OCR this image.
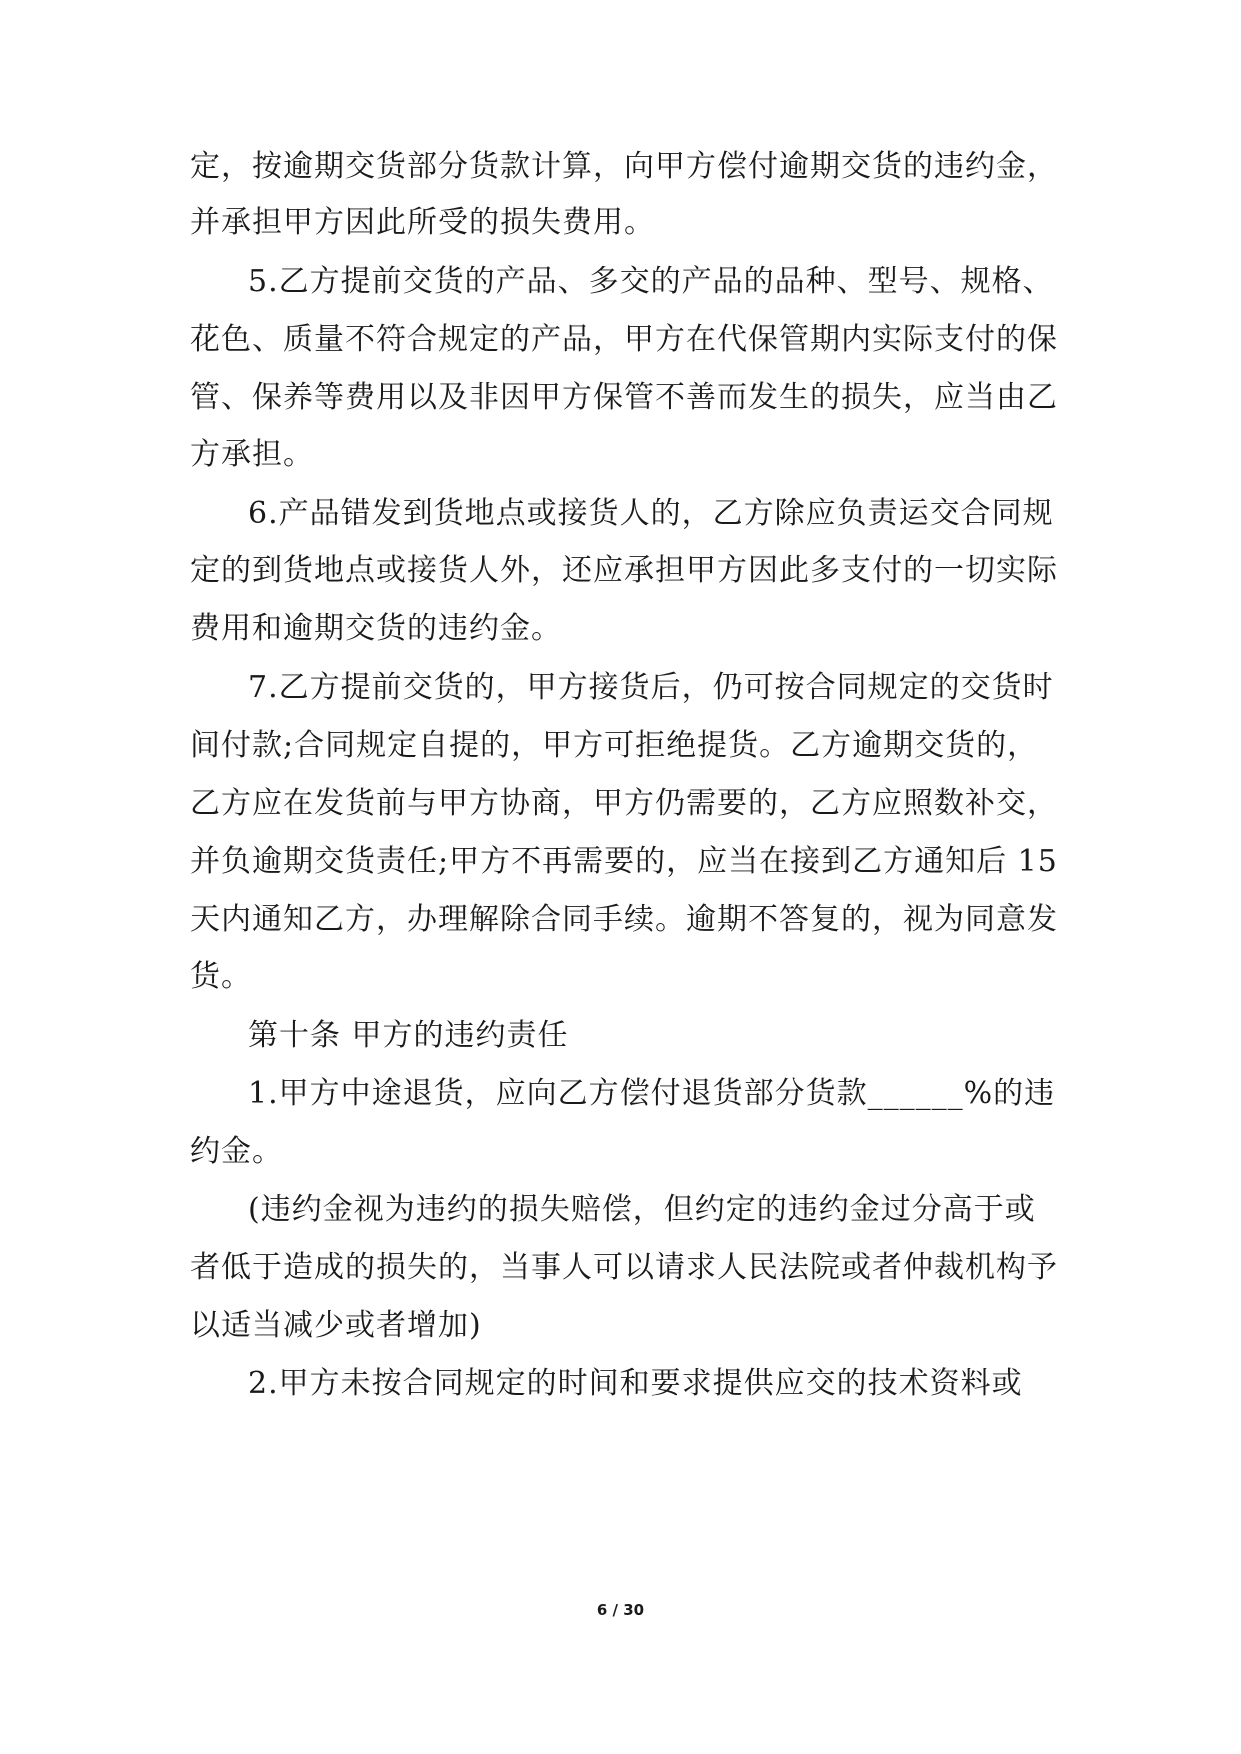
定，按逾期交货部分货款计算，向甲方偿付逾期交货的违约金，
并承担甲方因此所受的损失费用。
5.乙方提前交货的产品、多交的产品的品种、型号、规格、
花色、质量不符合规定的产品，甲方在代保管期内实际支付的保
管、保养等费用以及非因甲方保管不善而发生的损失，应当由乙
方承担。
6.产品错发到货地点或接货人的，乙方除应负责运交合同规
定的到货地点或接货人外，还应承担甲方因此多支付的一切实际
费用和逾期交货的违约金。
7.乙方提前交货的，甲方接货后，仍可按合同规定的交货时
间付款;合同规定自提的，甲方可拒绝提货。乙方逾期交货的，
乙方应在发货前与甲方协商，甲方仍需要的，乙方应照数补交，
并负逾期交货责任;甲方不再需要的，应当在接到乙方通知后 15
天内通知乙方，办理解除合同手续。逾期不答复的，视为同意发
货。
第十条 甲方的违约责任
1.甲方中途退货，应向乙方偿付退货部分货款______%的违
约金。
(违约金视为违约的损失赔偿，但约定的违约金过分高于或
者低于造成的损失的，当事人可以请求人民法院或者仲裁机构予
以适当减少或者增加)
2.甲方未按合同规定的时间和要求提供应交的技术资料或
6 / 30
